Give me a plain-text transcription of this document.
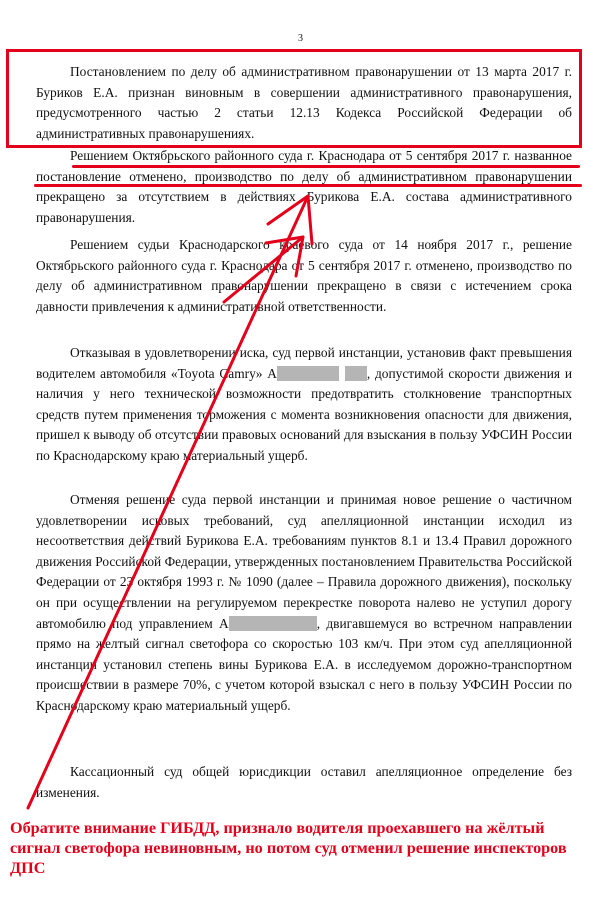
3

Постановлением по делу об административном правонарушении от 13 марта 2017 г. Буриков Е.А. признан виновным в совершении административного правонарушения, предусмотренного частью 2 статьи 12.13 Кодекса Российской Федерации об административных правонарушениях.

Решением Октябрьского районного суда г. Краснодара от 5 сентября 2017 г. названное постановление отменено, производство по делу об административном правонарушении прекращено за отсутствием в действиях Бурикова Е.А. состава административного правонарушения.

Решением судьи Краснодарского краевого суда от 14 ноября 2017 г., решение Октябрьского районного суда г. Краснодара от 5 сентября 2017 г. отменено, производство по делу об административном правонарушении прекращено в связи с истечением срока давности привлечения к административной ответственности.

Отказывая в удовлетворении иска, суд первой инстанции, установив факт превышения водителем автомобиля «Toyota Camry» А	, допустимой скорости движения и наличия у него технической возможности предотвратить столкновение транспортных средств путем применения торможения с момента возникновения опасности для движения, пришел к выводу об отсутствии правовых оснований для взыскания в пользу УФСИН России по Краснодарскому краю материальный ущерб.

Отменяя решение суда первой инстанции и принимая новое решение о частичном удовлетворении исковых требований, суд апелляционной инстанции исходил из несоответствия действий Бурикова Е.А. требованиям пунктов 8.1 и 13.4 Правил дорожного движения Российской Федерации, утвержденных постановлением Правительства Российской Федерации от 23 октября 1993 г. № 1090 (далее – Правила дорожного движения), поскольку он при осуществлении на регулируемом перекрестке поворота налево не уступил дорогу автомобилю под управлением А	, двигавшемуся во встречном направлении прямо на желтый сигнал светофора со скоростью 103 км/ч. При этом суд апелляционной инстанции установил степень вины Бурикова Е.А. в исследуемом дорожно-транспортном происшествии в размере 70%, с учетом которой взыскал с него в пользу УФСИН России по Краснодарскому краю материальный ущерб.

Кассационный суд общей юрисдикции оставил апелляционное определение без изменения.

Обратите внимание ГИБДД, признало водителя проехавшего на жёлтый сигнал светофора невиновным, но потом суд отменил решение инспекторов ДПС
